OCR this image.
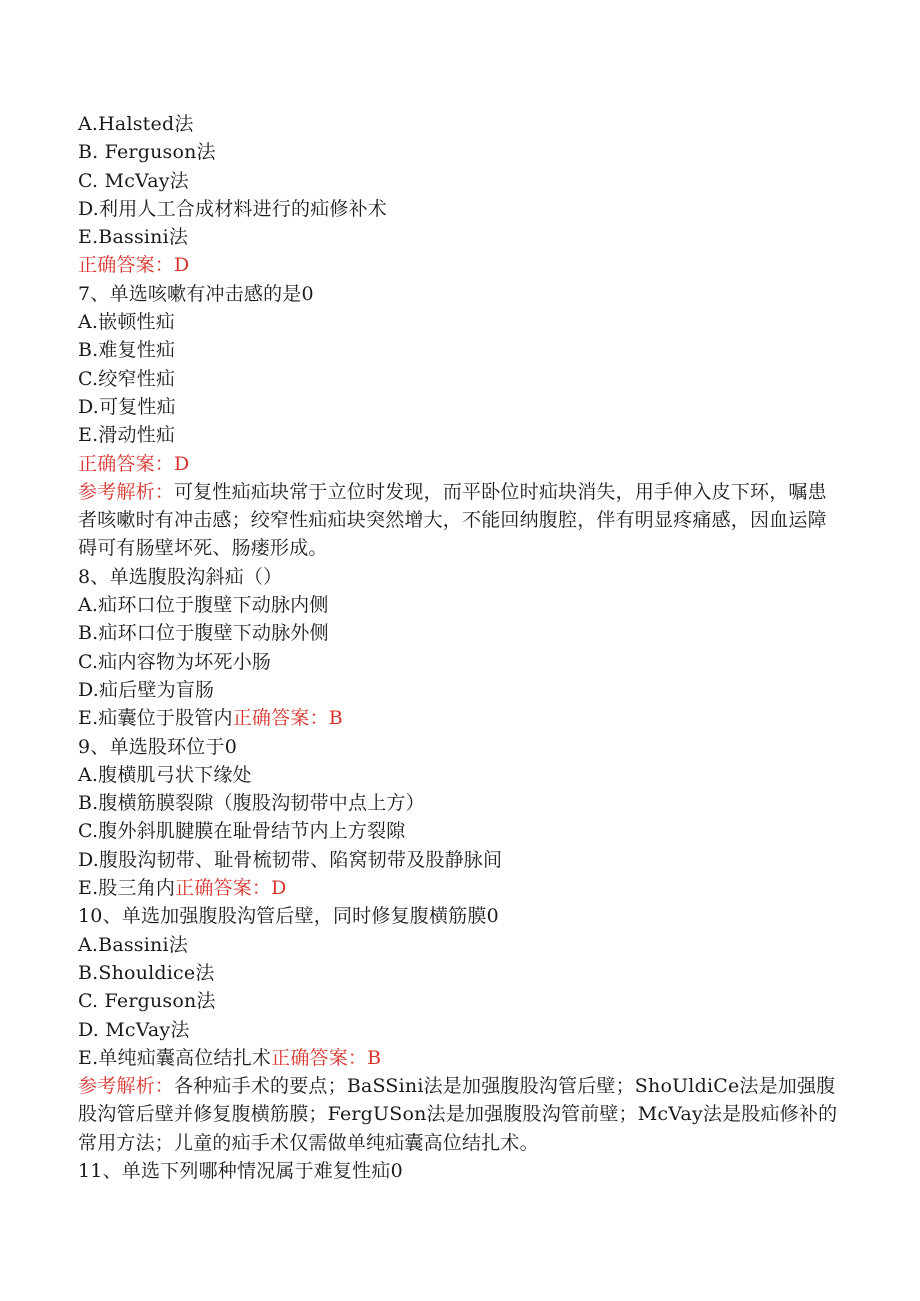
A.Halsted法
B. Ferguson法
C. McVay法
D.利用人工合成材料进行的疝修补术
E.Bassini法
正确答案：D
7、单选咳嗽有冲击感的是0
A.嵌顿性疝
B.难复性疝
C.绞窄性疝
D.可复性疝
E.滑动性疝
正确答案：D
参考解析：可复性疝疝块常于立位时发现，而平卧位时疝块消失，用手伸入皮下环，嘱患者咳嗽时有冲击感；绞窄性疝疝块突然增大，不能回纳腹腔，伴有明显疼痛感，因血运障碍可有肠壁坏死、肠瘘形成。
8、单选腹股沟斜疝（）
A.疝环口位于腹壁下动脉内侧
B.疝环口位于腹壁下动脉外侧
C.疝内容物为坏死小肠
D.疝后壁为盲肠
E.疝囊位于股管内正确答案：B
9、单选股环位于0
A.腹横肌弓状下缘处
B.腹横筋膜裂隙（腹股沟韧带中点上方）
C.腹外斜肌腱膜在耻骨结节内上方裂隙
D.腹股沟韧带、耻骨梳韧带、陷窝韧带及股静脉间
E.股三角内正确答案：D
10、单选加强腹股沟管后壁，同时修复腹横筋膜0
A.Bassini法
B.Shouldice法
C. Ferguson法
D. McVay法
E.单纯疝囊高位结扎术正确答案：B
参考解析：各种疝手术的要点；BaSSini法是加强腹股沟管后壁；ShoUldiCe法是加强腹股沟管后壁并修复腹横筋膜；FergUSon法是加强腹股沟管前壁；McVay法是股疝修补的常用方法；儿童的疝手术仅需做单纯疝囊高位结扎术。
11、单选下列哪种情况属于难复性疝0
